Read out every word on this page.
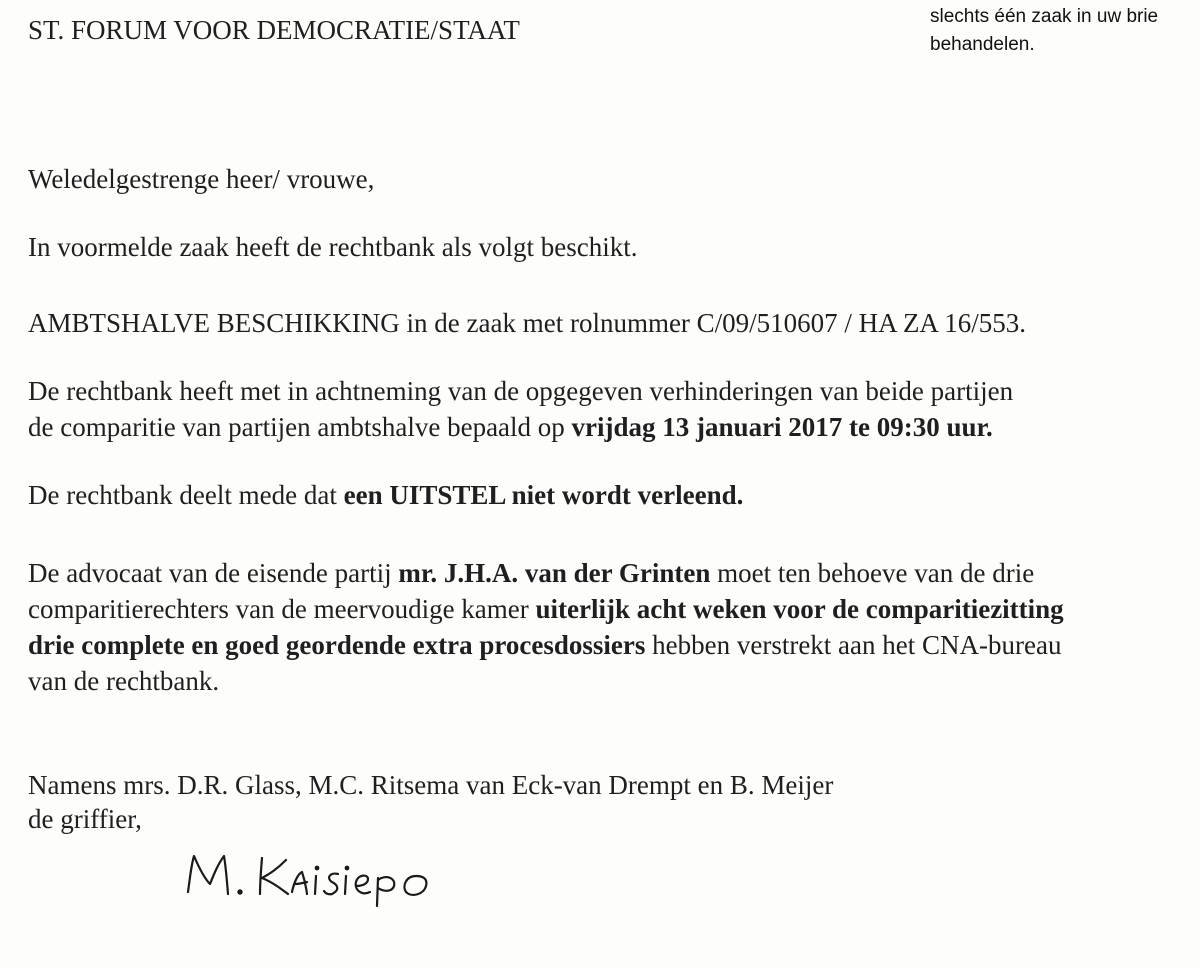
ST. FORUM VOOR DEMOCRATIE/STAAT	slechts één zaak in uw brie
behandelen.
Weledelgestrenge heer/ vrouwe,
In voormelde zaak heeft de rechtbank als volgt beschikt.
AMBTSHALVE BESCHIKKING in de zaak met rolnummer C/09/510607 / HA ZA 16/553.
De rechtbank heeft met in achtneming van de opgegeven verhinderingen van beide partijen
de comparitie van partijen ambtshalve bepaald op vrijdag 13 januari 2017 te 09:30 uur.
De rechtbank deelt mede dat een UITSTEL niet wordt verleend.
De advocaat van de eisende partij mr. J.H.A. van der Grinten moet ten behoeve van de drie
comparitierechters van de meervoudige kamer uiterlijk acht weken voor de comparitiezitting
drie complete en goed geordende extra procesdossiers hebben verstrekt aan het CNA-bureau
van de rechtbank.
Namens mrs. D.R. Glass, M.C. Ritsema van Eck-van Drempt en B. Meijer
de griffier,
